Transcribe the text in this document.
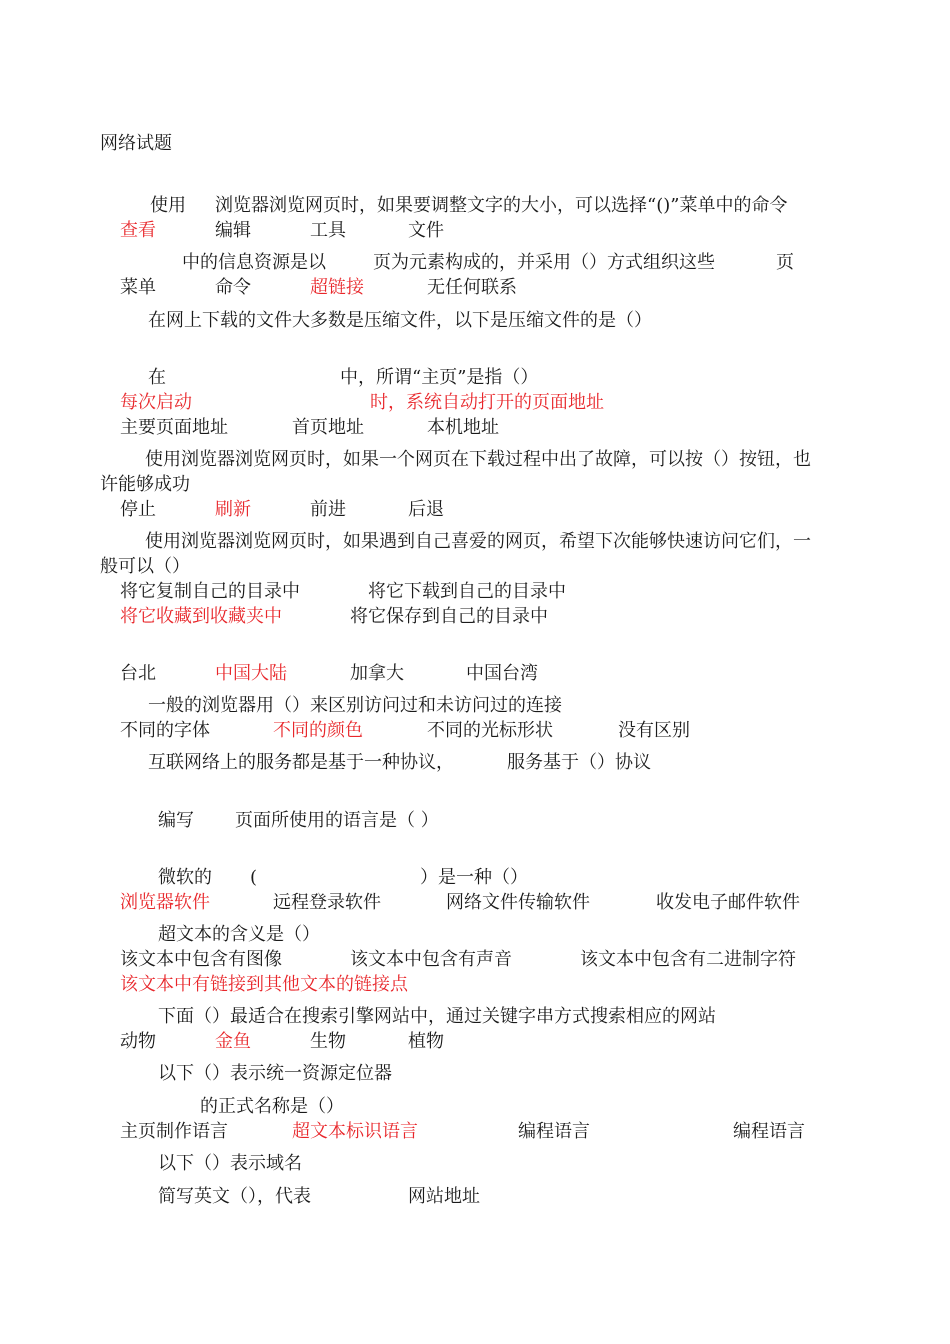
网络试题
使用 浏览器浏览网页时，如果要调整文字的大小，可以选择“()”菜单中的命令
查看	编辑	工具	文件
中的信息资源是以	页为元素构成的，并采用（）方式组织这些	页
菜单	命令	超链接	无任何联系
在网上下载的文件大多数是压缩文件，以下是压缩文件的是（）
在	中，所谓“主页”是指（）
每次启动	时，系统自动打开的页面地址
主要页面地址	首页地址	本机地址
使用浏览器浏览网页时，如果一个网页在下载过程中出了故障，可以按（）按钮，也
许能够成功
停止	刷新	前进	后退
使用浏览器浏览网页时，如果遇到自己喜爱的网页，希望下次能够快速访问它们，一
般可以（）
将它复制自己的目录中	将它下载到自己的目录中
将它收藏到收藏夹中	将它保存到自己的目录中
台北	中国大陆	加拿大	中国台湾
一般的浏览器用（）来区别访问过和未访问过的连接
不同的字体	不同的颜色	不同的光标形状	没有区别
互联网络上的服务都是基于一种协议，	服务基于（）协议
编写 页面所使用的语言是（ ）
微软的 (	）是一种（）
浏览器软件	远程登录软件	网络文件传输软件	收发电子邮件软件
超文本的含义是（）
该文本中包含有图像	该文本中包含有声音	该文本中包含有二进制字符
该文本中有链接到其他文本的链接点
下面（）最适合在搜索引擎网站中，通过关键字串方式搜索相应的网站
动物	金鱼	生物	植物
以下（）表示统一资源定位器
的正式名称是（）
主页制作语言	超文本标识语言	编程语言	编程语言
以下（）表示域名
简写英文（），代表	网站地址
